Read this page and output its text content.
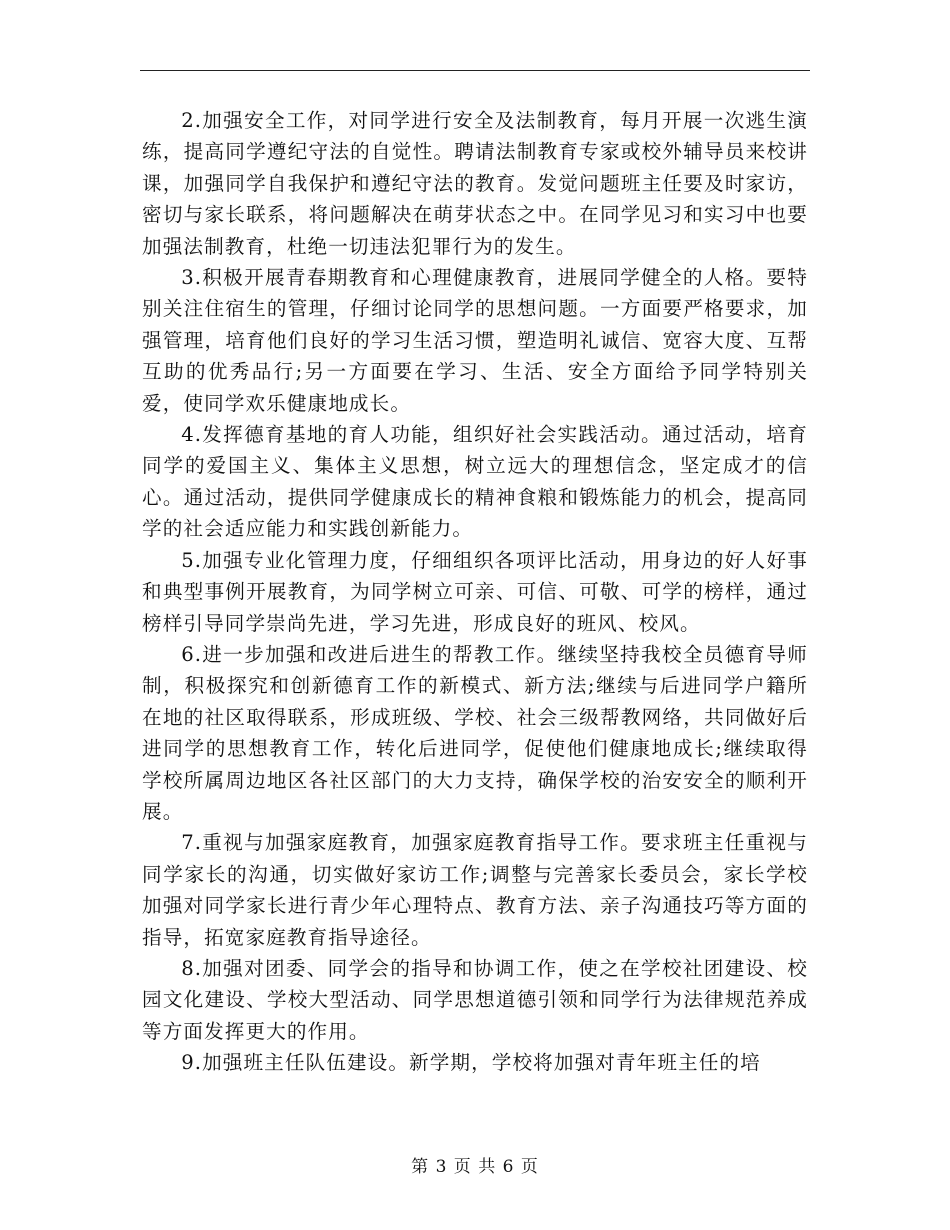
2.加强安全工作，对同学进行安全及法制教育，每月开展一次逃生演练，提高同学遵纪守法的自觉性。聘请法制教育专家或校外辅导员来校讲课，加强同学自我保护和遵纪守法的教育。发觉问题班主任要及时家访，密切与家长联系，将问题解决在萌芽状态之中。在同学见习和实习中也要加强法制教育，杜绝一切违法犯罪行为的发生。

3.积极开展青春期教育和心理健康教育，进展同学健全的人格。要特别关注住宿生的管理，仔细讨论同学的思想问题。一方面要严格要求，加强管理，培育他们良好的学习生活习惯，塑造明礼诚信、宽容大度、互帮互助的优秀品行;另一方面要在学习、生活、安全方面给予同学特别关爱，使同学欢乐健康地成长。

4.发挥德育基地的育人功能，组织好社会实践活动。通过活动，培育同学的爱国主义、集体主义思想，树立远大的理想信念，坚定成才的信心。通过活动，提供同学健康成长的精神食粮和锻炼能力的机会，提高同学的社会适应能力和实践创新能力。

5.加强专业化管理力度，仔细组织各项评比活动，用身边的好人好事和典型事例开展教育，为同学树立可亲、可信、可敬、可学的榜样，通过榜样引导同学崇尚先进，学习先进，形成良好的班风、校风。

6.进一步加强和改进后进生的帮教工作。继续坚持我校全员德育导师制，积极探究和创新德育工作的新模式、新方法;继续与后进同学户籍所在地的社区取得联系，形成班级、学校、社会三级帮教网络，共同做好后进同学的思想教育工作，转化后进同学，促使他们健康地成长;继续取得学校所属周边地区各社区部门的大力支持，确保学校的治安安全的顺利开展。

7.重视与加强家庭教育，加强家庭教育指导工作。要求班主任重视与同学家长的沟通，切实做好家访工作;调整与完善家长委员会，家长学校加强对同学家长进行青少年心理特点、教育方法、亲子沟通技巧等方面的指导，拓宽家庭教育指导途径。

8.加强对团委、同学会的指导和协调工作，使之在学校社团建设、校园文化建设、学校大型活动、同学思想道德引领和同学行为法律规范养成等方面发挥更大的作用。

9.加强班主任队伍建设。新学期，学校将加强对青年班主任的培

第 3 页 共 6 页
